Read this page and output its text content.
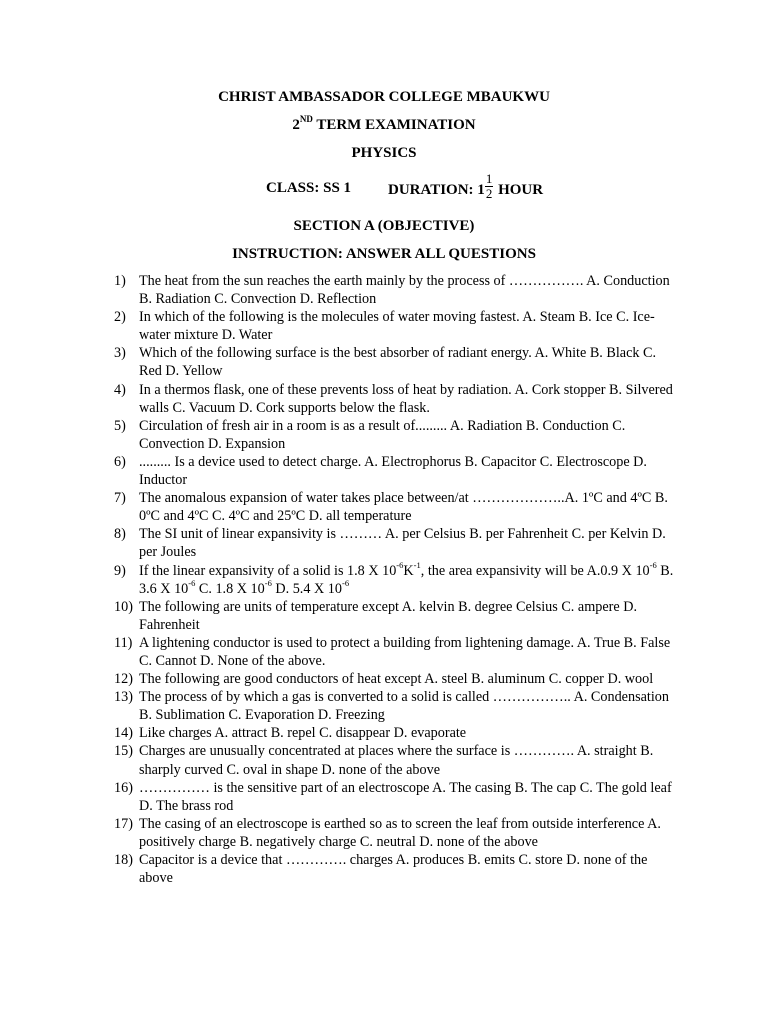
CHRIST AMBASSADOR COLLEGE MBAUKWU
2ND TERM EXAMINATION
PHYSICS
CLASS: SS 1 DURATION: $1 \frac{1}{2}$ HOUR
SECTION A (OBJECTIVE)
INSTRUCTION: ANSWER ALL QUESTIONS
1) The heat from the sun reaches the earth mainly by the process of ……………. A. Conduction B. Radiation C. Convection D. Reflection
2) In which of the following is the molecules of water moving fastest. A. Steam B. Ice C. Ice-water mixture D. Water
3) Which of the following surface is the best absorber of radiant energy. A. White B. Black C. Red D. Yellow
4) In a thermos flask, one of these prevents loss of heat by radiation. A. Cork stopper B. Silvered walls C. Vacuum D. Cork supports below the flask.
5) Circulation of fresh air in a room is as a result of......... A. Radiation B. Conduction C. Convection D. Expansion
6) ......... Is a device used to detect charge. A. Electrophorus B. Capacitor C. Electroscope D. Inductor
7) The anomalous expansion of water takes place between/at ………………..A. 1ºC and 4ºC B. 0ºC and 4ºC C. 4ºC and 25ºC D. all temperature
8) The SI unit of linear expansivity is ……… A. per Celsius B. per Fahrenheit C. per Kelvin D. per Joules
9) If the linear expansivity of a solid is 1.8 X $10^{-6}K^{-1}$, the area expansivity will be A.0.9 X $10^{-6}$ B. 3.6 X $10^{-6}$ C. 1.8 X $10^{-6}$ D. 5.4 X $10^{-6}$
10) The following are units of temperature except A. kelvin B. degree Celsius C. ampere D. Fahrenheit
11) A lightening conductor is used to protect a building from lightening damage. A. True B. False C. Cannot D. None of the above.
12) The following are good conductors of heat except A. steel B. aluminum C. copper D. wool
13) The process of by which a gas is converted to a solid is called …………….. A. Condensation B. Sublimation C. Evaporation D. Freezing
14) Like charges A. attract B. repel C. disappear D. evaporate
15) Charges are unusually concentrated at places where the surface is …………. A. straight B. sharply curved C. oval in shape D. none of the above
16) …………… is the sensitive part of an electroscope A. The casing B. The cap C. The gold leaf D. The brass rod
17) The casing of an electroscope is earthed so as to screen the leaf from outside interference A. positively charge B. negatively charge C. neutral D. none of the above
18) Capacitor is a device that …………. charges A. produces B. emits C. store D. none of the above
